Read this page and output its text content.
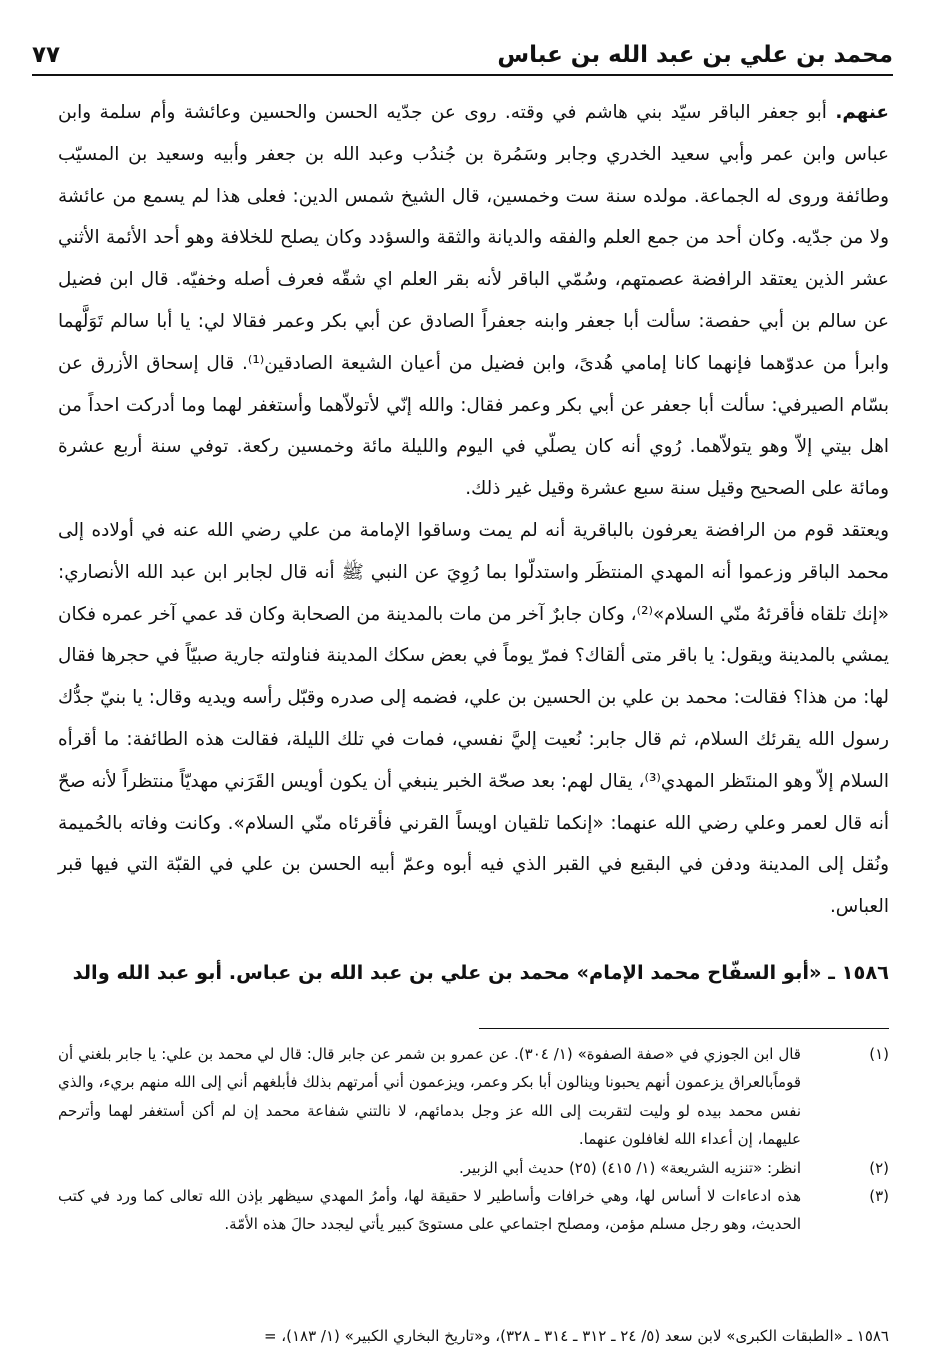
محمد بن علي بن عبد الله بن عباس
٧٧

عنهم. أبو جعفر الباقر سيّد بني هاشم في وقته. روى عن جدّيه الحسن والحسين وعائشة وأم سلمة وابن عباس وابن عمر وأبي سعيد الخدري وجابر وسَمُرة بن جُندُب وعبد الله بن جعفر وأبيه وسعيد بن المسيّب وطائفة وروى له الجماعة. مولده سنة ست وخمسين، قال الشيخ شمس الدين: فعلى هذا لم يسمع من عائشة ولا من جدّيه. وكان أحد من جمع العلم والفقه والديانة والثقة والسؤدد وكان يصلح للخلافة وهو أحد الأئمة الأثني عشر الذين يعتقد الرافضة عصمتهم، وسُمّي الباقر لأنه بقر العلم اي شقّه فعرف أصله وخفيّه. قال ابن فضيل عن سالم بن أبي حفصة: سألت أبا جعفر وابنه جعفراً الصادق عن أبي بكر وعمر فقالا لي: يا أبا سالم تَوَلَّهما وابرأ من عدوّهما فإنهما كانا إمامي هُدىً، وابن فضيل من أعيان الشيعة الصادقين⁽¹⁾. قال إسحاق الأزرق عن بسّام الصيرفي: سألت أبا جعفر عن أبي بكر وعمر فقال: والله إنّي لأتولاّهما وأستغفر لهما وما أدركت احداً من اهل بيتي إلاّ وهو يتولاّهما. رُوي أنه كان يصلّي في اليوم والليلة مائة وخمسين ركعة. توفي سنة أربع عشرة ومائة على الصحيح وقيل سنة سبع عشرة وقيل غير ذلك.

ويعتقد قوم من الرافضة يعرفون بالباقرية أنه لم يمت وساقوا الإمامة من علي رضي الله عنه في أولاده إلى محمد الباقر وزعموا أنه المهدي المنتظَر واستدلّوا بما رُوِيَ عن النبي ﷺ أنه قال لجابر ابن عبد الله الأنصاري: «إنك تلقاه فأقرئهُ منّي السلام»⁽²⁾، وكان جابرٌ آخر من مات بالمدينة من الصحابة وكان قد عمي آخر عمره فكان يمشي بالمدينة ويقول: يا باقر متى ألقاك؟ فمرّ يوماً في بعض سكك المدينة فناولته جارية صبيّاً في حجرها فقال لها: من هذا؟ فقالت: محمد بن علي بن الحسين بن علي، فضمه إلى صدره وقبّل رأسه ويديه وقال: يا بنيّ جدُّك رسول الله يقرئك السلام، ثم قال جابر: نُعيت إليَّ نفسي، فمات في تلك الليلة، فقالت هذه الطائفة: ما أقرأه السلام إلاّ وهو المنتَظر المهدي⁽³⁾، يقال لهم: بعد صحّة الخبر ينبغي أن يكون أويس القَرَني مهديّاً منتظراً لأنه صحّ أنه قال لعمر وعلي رضي الله عنهما: «إنكما تلقيان اويساً القرني فأقرئاه منّي السلام». وكانت وفاته بالحُميمة ونُقل إلى المدينة ودفن في البقيع في القبر الذي فيه أبوه وعمّ أبيه الحسن بن علي في القبّة التي فيها قبر العباس.

١٥٨٦ ـ «أبو السفّاح محمد الإمام» محمد بن علي بن عبد الله بن عباس. أبو عبد الله والد
(١)
قال ابن الجوزي في «صفة الصفوة» (١/ ٣٠٤). عن عمرو بن شمر عن جابر قال: قال لي محمد بن علي: يا جابر بلغني أن قوماًبالعراق يزعمون أنهم يحبونا وينالون أبا بكر وعمر، ويزعمون أني أمرتهم بذلك فأبلغهم أني إلى الله منهم بريء، والذي نفس محمد بيده لو وليت لتقربت إلى الله عز وجل بدمائهم، لا نالتني شفاعة محمد إن لم أكن أستغفر لهما وأترحم عليهما، إن أعداء الله لغافلون عنهما.
(٢)
انظر: «تنزيه الشريعة» (١/ ٤١٥) (٢٥) حديث أبي الزبير.
(٣)
هذه ادعاءات لا أساس لها، وهي خرافات وأساطير لا حقيقة لها، وأمرُ المهدي سيظهر بإذن الله تعالى كما ورد في كتب الحديث، وهو رجل مسلم مؤمن، ومصلح اجتماعي على مستوىً كبير يأتي ليجدد حالَ هذه الأمّة.
١٥٨٦ ـ «الطبقات الكبرى» لابن سعد (٥/ ٢٤ ـ ٣١٢ ـ ٣١٤ ـ ٣٢٨)، و«تاريخ البخاري الكبير» (١/ ١٨٣)، =
